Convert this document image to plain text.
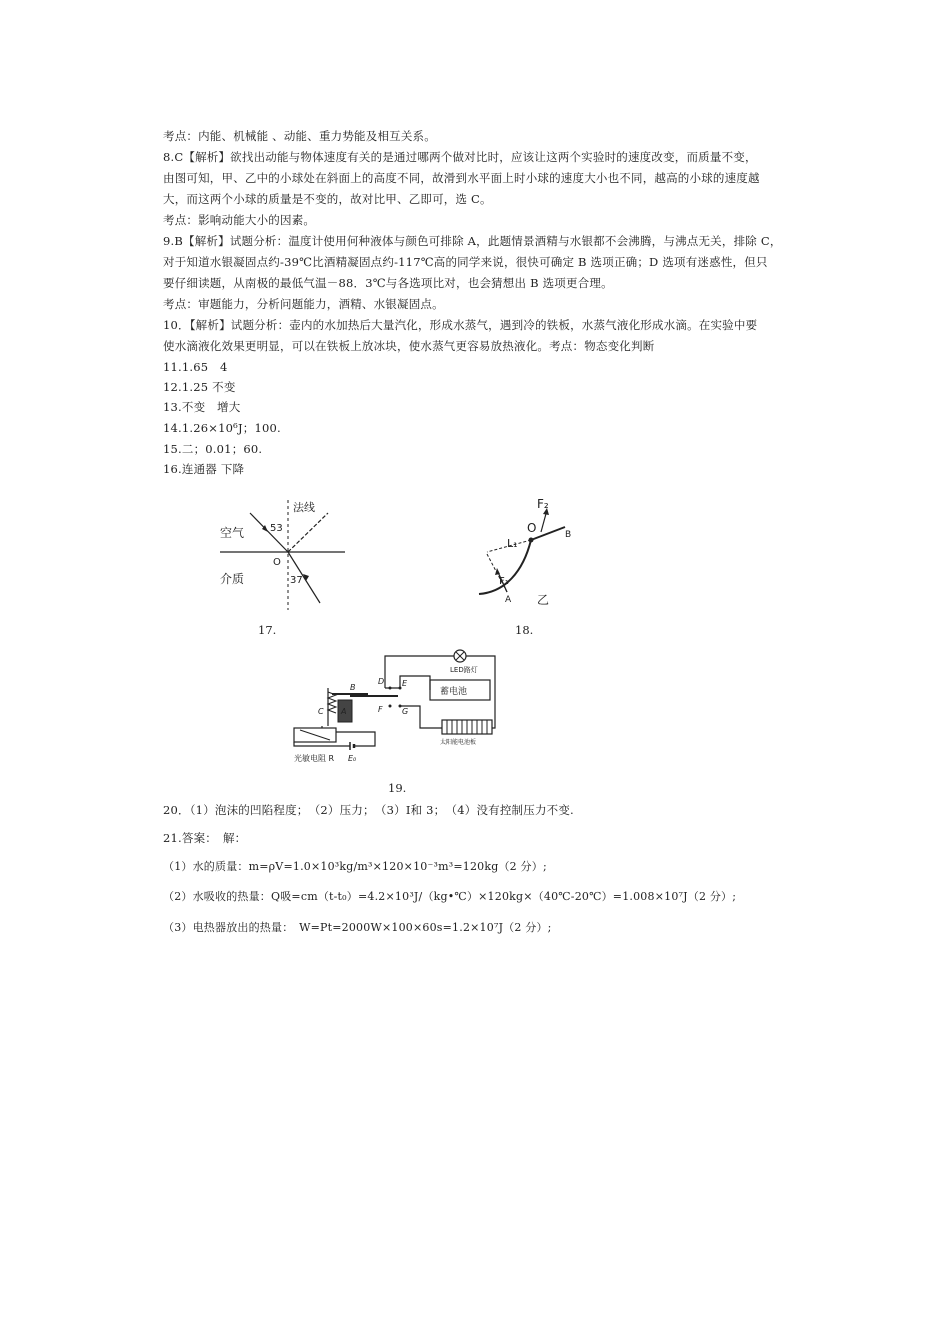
考点：内能、机械能 、动能、重力势能及相互关系。
8.C【解析】欲找出动能与物体速度有关的是通过哪两个做对比时，应该让这两个实验时的速度改变，而质量不变，
由图可知，甲、乙中的小球处在斜面上的高度不同，故滑到水平面上时小球的速度大小也不同，越高的小球的速度越
大，而这两个小球的质量是不变的，故对比甲、乙即可，选 C。
考点：影响动能大小的因素。
9.B【解析】试题分析：温度计使用何种液体与颜色可排除 A，此题情景酒精与水银都不会沸腾，与沸点无关，排除 C，
对于知道水银凝固点约-39℃比酒精凝固点约-117℃高的同学来说，很快可确定 B 选项正确；D 选项有迷惑性，但只
要仔细读题，从南极的最低气温－88．3℃与各选项比对，也会猜想出 B 选项更合理。
考点：审题能力，分析问题能力，酒精、水银凝固点。
10．【解析】试题分析：壶内的水加热后大量汽化，形成水蒸气，遇到冷的铁板，水蒸气液化形成水滴。在实验中要
使水滴液化效果更明显，可以在铁板上放冰块，使水蒸气更容易放热液化。考点：物态变化判断
11.1.65　4
12.1.25 不变
13.不变　增大
14.1.26×10⁶J；100.
15.二；0.01；60.
16.连通器 下降
空气
介质
法线
53
37
O
17.
F₂
L₁
F₁
O	B
A 乙
18.
LED路灯
蓄电池
太阳能电池板
D E
F G
B
C A
光敏电阻 R E₀
19.
20．（1）泡沫的凹陷程度；　（2）压力；　（3）Ⅰ和 3；　（4）没有控制压力不变.
21.答案：　解：
（1）水的质量：m=ρV=1.0×10³kg/m³×120×10⁻³m³=120kg（2 分）;
（2）水吸收的热量：Q吸=cm（t-t₀）=4.2×10³J/（kg•℃）×120kg×（40℃-20℃）=1.008×10⁷J（2 分）;
（3）电热器放出的热量：　W=Pt=2000W×100×60s=1.2×10⁷J（2 分）;
